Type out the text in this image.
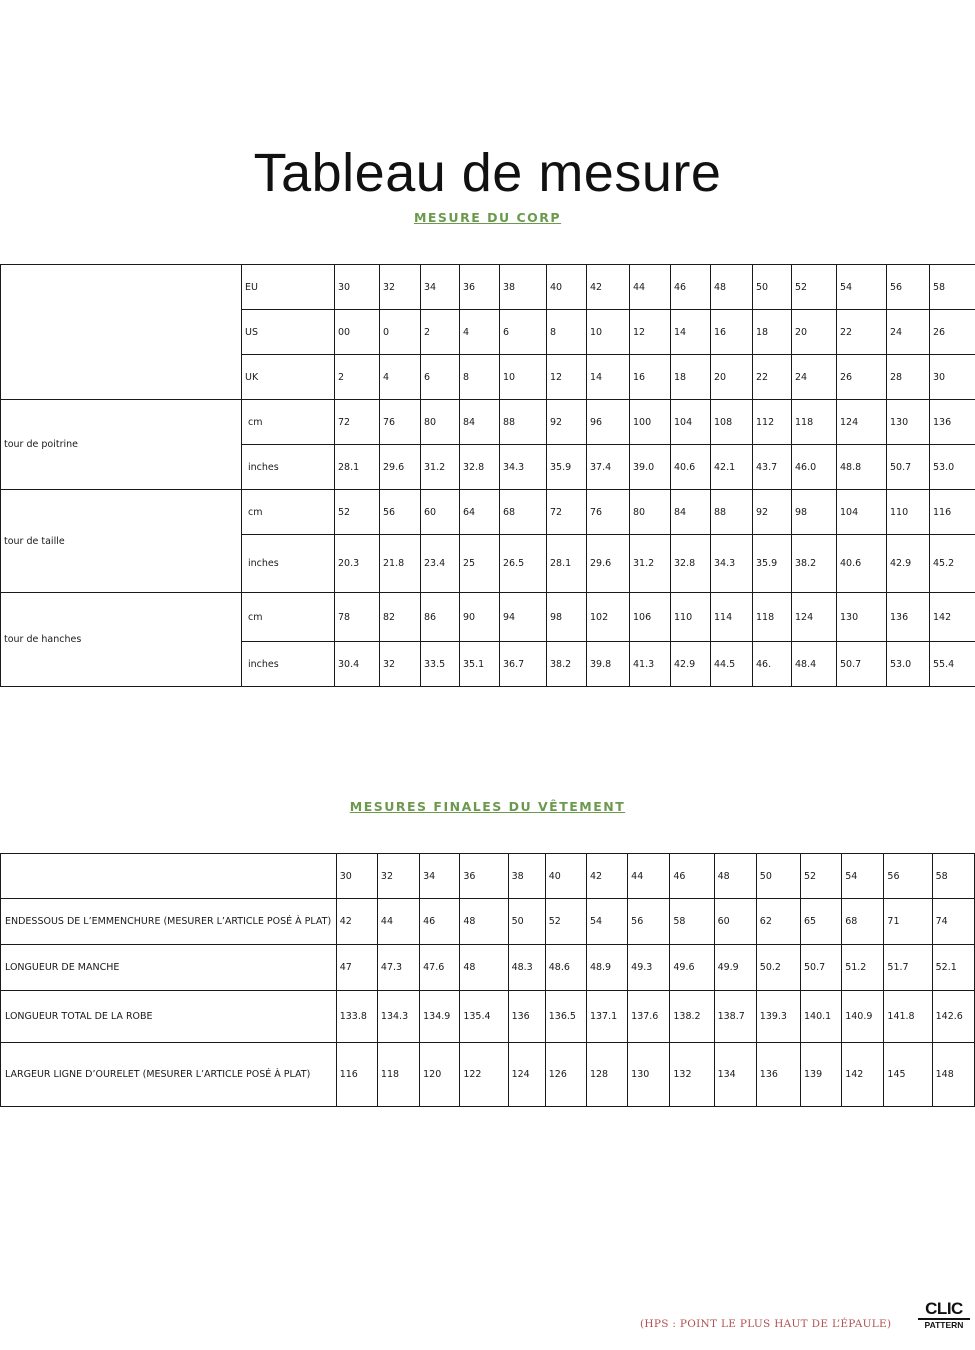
Tableau de mesure
MESURE DU CORP
	EU	30	32	34	36	38	40	42	44	46	48	50	52	54	56	58
	US	00	0	2	4	6	8	10	12	14	16	18	20	22	24	26
	UK	2	4	6	8	10	12	14	16	18	20	22	24	26	28	30
tour de poitrine	cm	72	76	80	84	88	92	96	100	104	108	112	118	124	130	136
	inches	28.1	29.6	31.2	32.8	34.3	35.9	37.4	39.0	40.6	42.1	43.7	46.0	48.8	50.7	53.0
tour de taille	cm	52	56	60	64	68	72	76	80	84	88	92	98	104	110	116
	inches	20.3	21.8	23.4	25	26.5	28.1	29.6	31.2	32.8	34.3	35.9	38.2	40.6	42.9	45.2
tour de hanches	cm	78	82	86	90	94	98	102	106	110	114	118	124	130	136	142
	inches	30.4	32	33.5	35.1	36.7	38.2	39.8	41.3	42.9	44.5	46.	48.4	50.7	53.0	55.4
MESURES FINALES DU VÊTEMENT
	30	32	34	36	38	40	42	44	46	48	50	52	54	56	58
ENDESSOUS DE L’EMMENCHURE (MESURER L’ARTICLE POSÉ À PLAT)	42	44	46	48	50	52	54	56	58	60	62	65	68	71	74
LONGUEUR DE MANCHE	47	47.3	47.6	48	48.3	48.6	48.9	49.3	49.6	49.9	50.2	50.7	51.2	51.7	52.1
LONGUEUR TOTAL DE LA ROBE	133.8	134.3	134.9	135.4	136	136.5	137.1	137.6	138.2	138.7	139.3	140.1	140.9	141.8	142.6
LARGEUR LIGNE D’OURELET (MESURER L’ARTICLE POSÉ À PLAT)	116	118	120	122	124	126	128	130	132	134	136	139	142	145	148
(HPS : POINT LE PLUS HAUT DE L’ÉPAULE)
CLIC
PATTERN
